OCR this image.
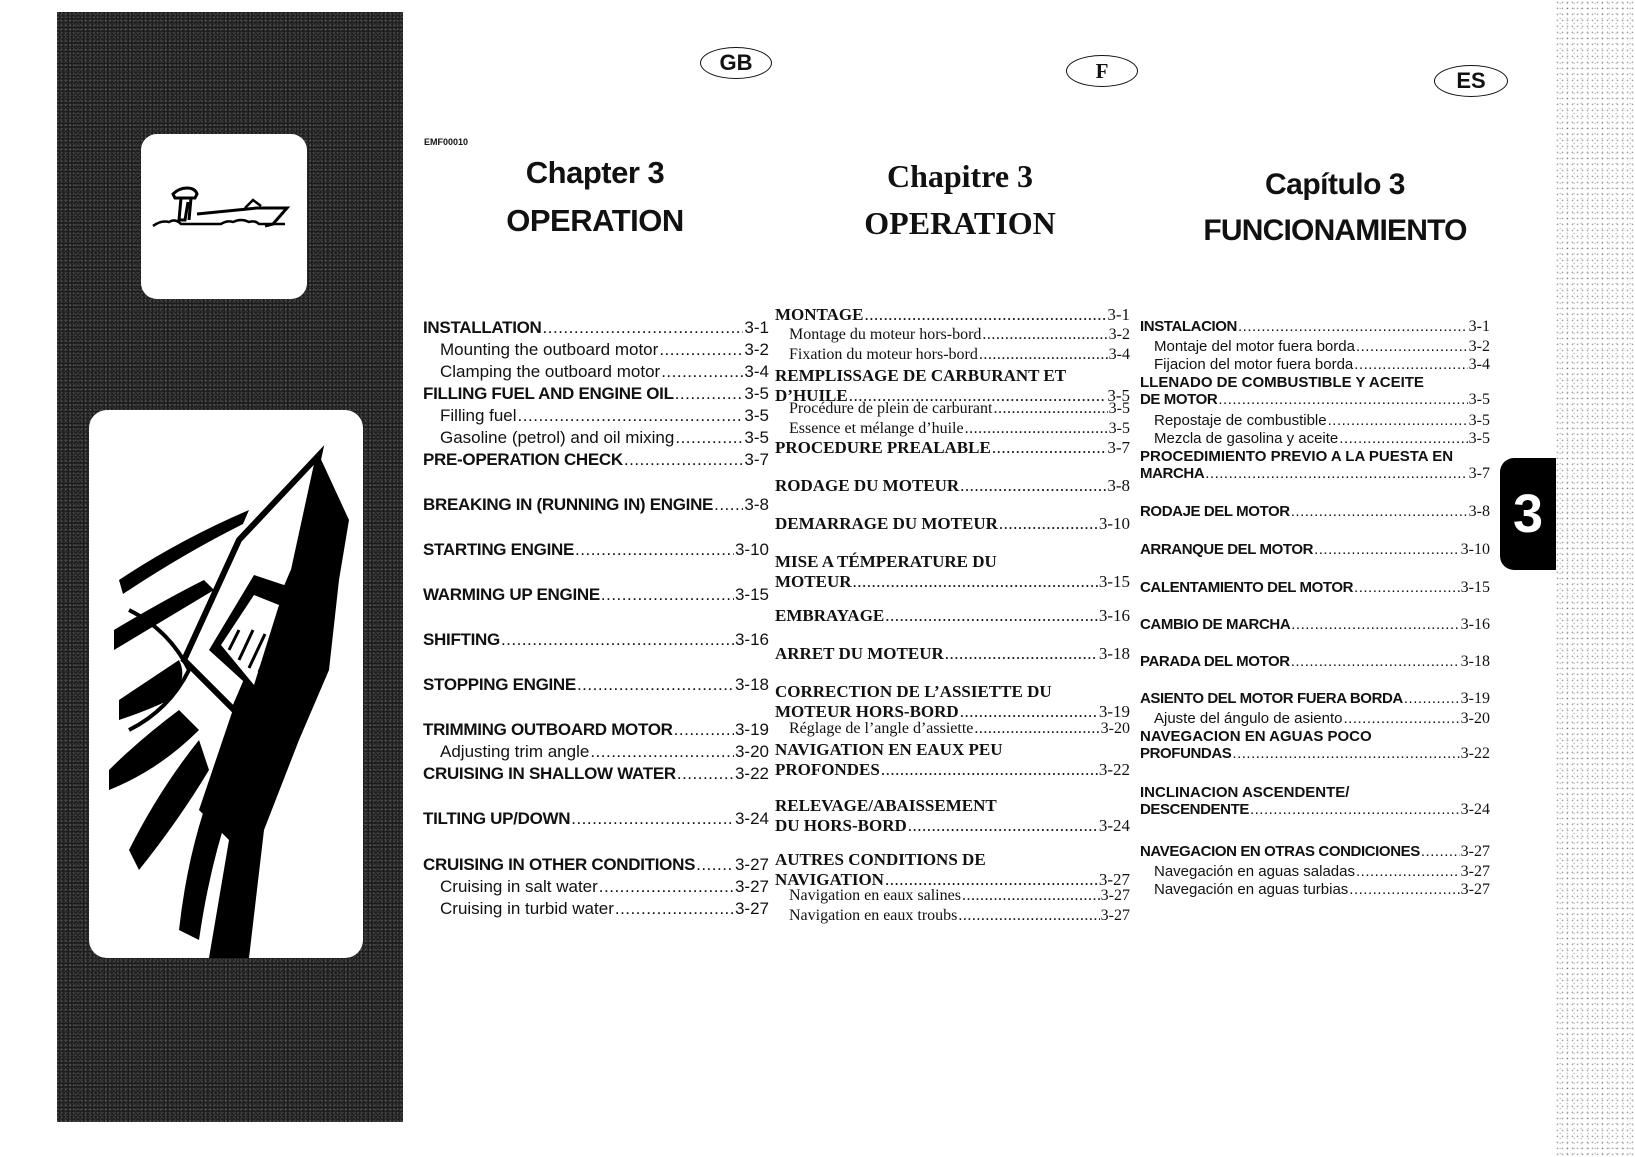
GB	F	ES
EMF00010
Chapter 3
OPERATION
Chapitre 3
OPERATION
Capítulo 3
FUNCIONAMIENTO
INSTALLATION .....	3-1
Mounting the outboard motor .....	3-2
Clamping the outboard motor .....	3-4
FILLING FUEL AND ENGINE OIL .....	3-5
Filling fuel .....	3-5
Gasoline (petrol) and oil mixing .....	3-5
PRE-OPERATION CHECK .....	3-7
BREAKING IN (RUNNING IN) ENGINE ..... 3-8
STARTING ENGINE .....	3-10
WARMING UP ENGINE .....	3-15
SHIFTING .....	3-16
STOPPING ENGINE .....	3-18
TRIMMING OUTBOARD MOTOR .....	3-19
Adjusting trim angle .....	3-20
CRUISING IN SHALLOW WATER .....	3-22
TILTING UP/DOWN .....	3-24
CRUISING IN OTHER CONDITIONS ..... 3-27
Cruising in salt water .....	3-27
Cruising in turbid water .....	3-27
MONTAGE .....	3-1
Montage du moteur hors-bord .....	3-2
Fixation du moteur hors-bord .....	3-4
REMPLISSAGE DE CARBURANT ET
D’HUILE .....	3-5
Procédure de plein de carburant .....	3-5
Essence et mélange d’huile .....	3-5
PROCEDURE PREALABLE .....	3-7
RODAGE DU MOTEUR .....	3-8
DEMARRAGE DU MOTEUR .....	3-10
MISE A TÉMPERATURE DU
MOTEUR .....	3-15
EMBRAYAGE .....	3-16
ARRET DU MOTEUR .....	3-18
CORRECTION DE L’ASSIETTE DU
MOTEUR HORS-BORD .....	3-19
Réglage de l’angle d’assiette .....	3-20
NAVIGATION EN EAUX PEU
PROFONDES .....	3-22
RELEVAGE/ABAISSEMENT
DU HORS-BORD .....	3-24
AUTRES CONDITIONS DE
NAVIGATION .....	3-27
Navigation en eaux salines .....	3-27
Navigation en eaux troubs .....	3-27
INSTALACION .....	3-1
Montaje del motor fuera borda .....	3-2
Fijacion del motor fuera borda .....	3-4
LLENADO DE COMBUSTIBLE Y ACEITE
DE MOTOR .....	3-5
Repostaje de combustible .....	3-5
Mezcla de gasolina y aceite .....	3-5
PROCEDIMIENTO PREVIO A LA PUESTA EN
MARCHA .....	3-7
RODAJE DEL MOTOR .....	3-8
ARRANQUE DEL MOTOR .....	3-10
CALENTAMIENTO DEL MOTOR .....	3-15
CAMBIO DE MARCHA .....	3-16
PARADA DEL MOTOR .....	3-18
ASIENTO DEL MOTOR FUERA BORDA .....	3-19
Ajuste del ángulo de asiento .....	3-20
NAVEGACION EN AGUAS POCO
PROFUNDAS .....	3-22
INCLINACION ASCENDENTE/
DESCENDENTE .....	3-24
NAVEGACION EN OTRAS CONDICIONES .....	3-27
Navegación en aguas saladas .....	3-27
Navegación en aguas turbias .....	3-27
3
